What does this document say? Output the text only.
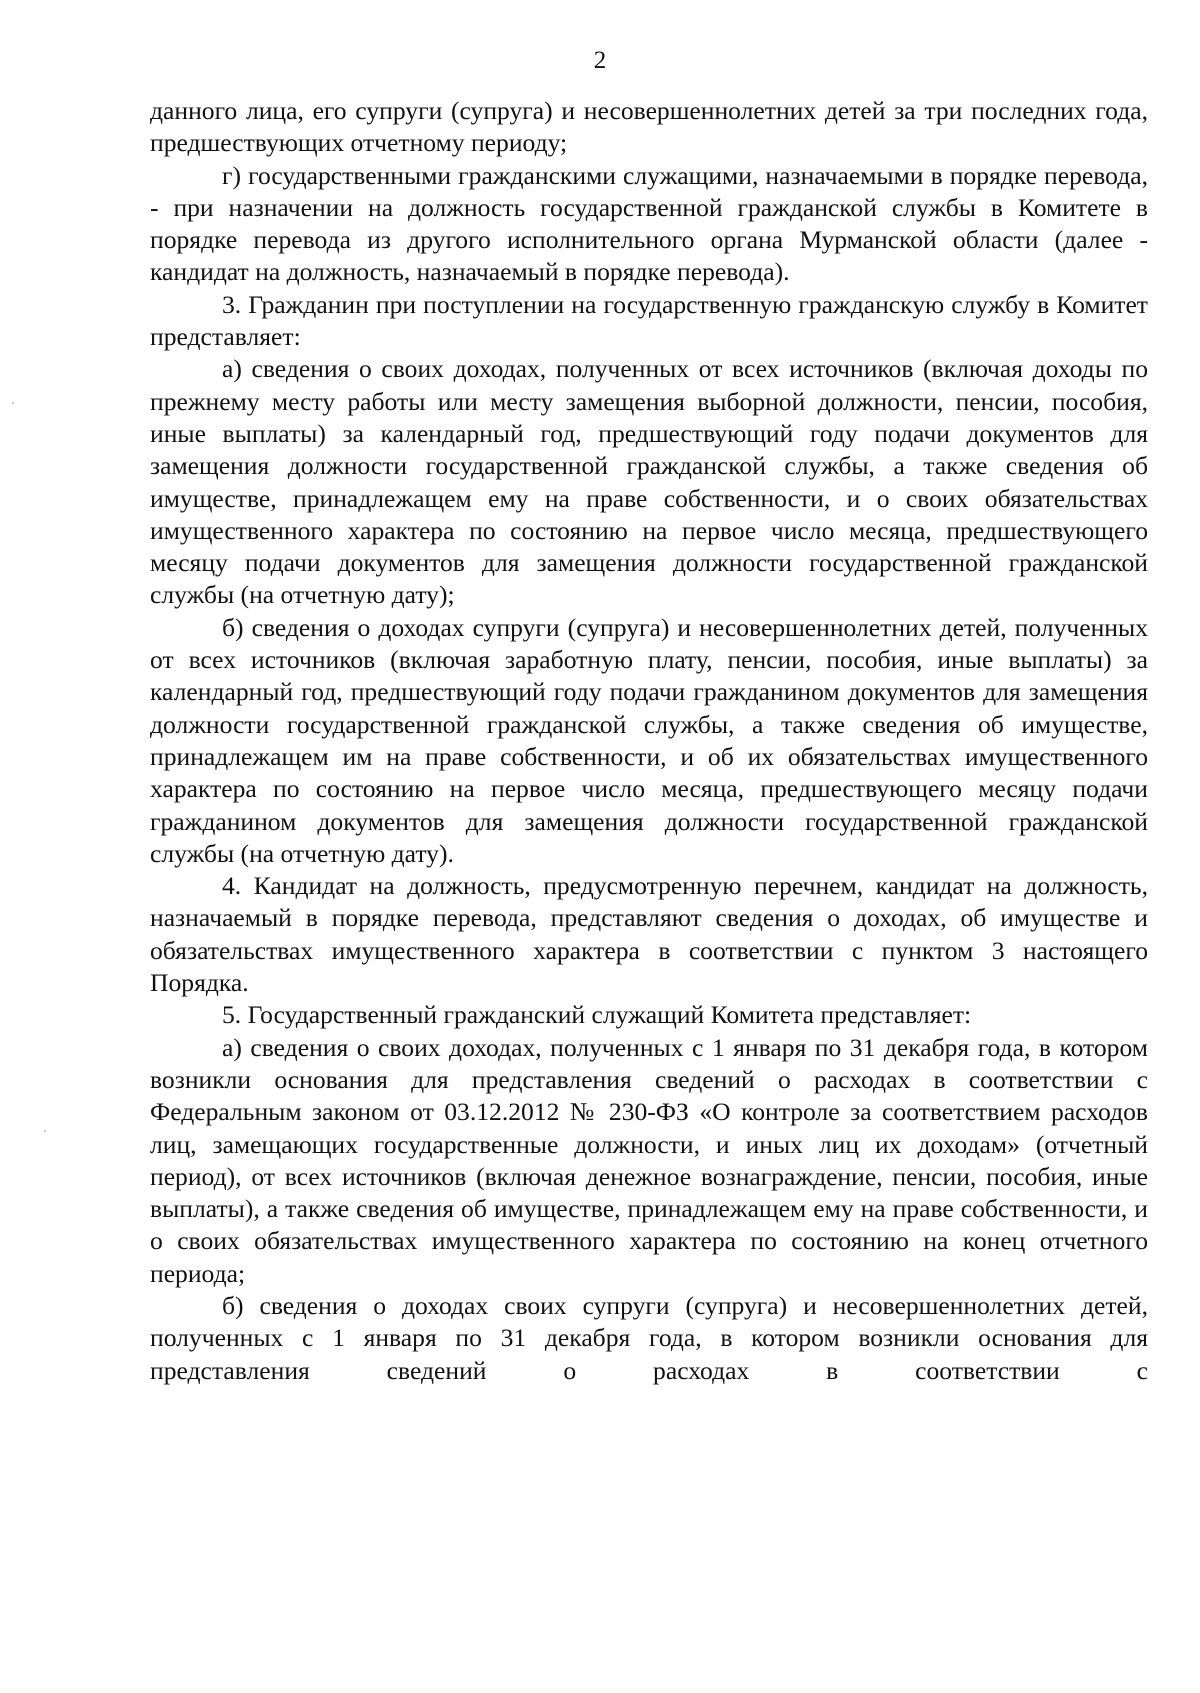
2

данного лица, его супруги (супруга) и несовершеннолетних детей за три последних года, предшествующих отчетному периоду;

г) государственными гражданскими служащими, назначаемыми в порядке перевода, - при назначении на должность государственной гражданской службы в Комитете в порядке перевода из другого исполнительного органа Мурманской области (далее - кандидат на должность, назначаемый в порядке перевода).

3. Гражданин при поступлении на государственную гражданскую службу в Комитет представляет:

а) сведения о своих доходах, полученных от всех источников (включая доходы по прежнему месту работы или месту замещения выборной должности, пенсии, пособия, иные выплаты) за календарный год, предшествующий году подачи документов для замещения должности государственной гражданской службы, а также сведения об имуществе, принадлежащем ему на праве собственности, и о своих обязательствах имущественного характера по состоянию на первое число месяца, предшествующего месяцу подачи документов для замещения должности государственной гражданской службы (на отчетную дату);

б) сведения о доходах супруги (супруга) и несовершеннолетних детей, полученных от всех источников (включая заработную плату, пенсии, пособия, иные выплаты) за календарный год, предшествующий году подачи гражданином документов для замещения должности государственной гражданской службы, а также сведения об имуществе, принадлежащем им на праве собственности, и об их обязательствах имущественного характера по состоянию на первое число месяца, предшествующего месяцу подачи гражданином документов для замещения должности государственной гражданской службы (на отчетную дату).

4. Кандидат на должность, предусмотренную перечнем, кандидат на должность, назначаемый в порядке перевода, представляют сведения о доходах, об имуществе и обязательствах имущественного характера в соответствии с пунктом 3 настоящего Порядка.

5. Государственный гражданский служащий Комитета представляет:

а) сведения о своих доходах, полученных с 1 января по 31 декабря года, в котором возникли основания для представления сведений о расходах в соответствии с Федеральным законом от 03.12.2012 № 230-ФЗ «О контроле за соответствием расходов лиц, замещающих государственные должности, и иных лиц их доходам» (отчетный период), от всех источников (включая денежное вознаграждение, пенсии, пособия, иные выплаты), а также сведения об имуществе, принадлежащем ему на праве собственности, и о своих обязательствах имущественного характера по состоянию на конец отчетного периода;

б) сведения о доходах своих супруги (супруга) и несовершеннолетних детей, полученных с 1 января по 31 декабря года, в котором возникли основания для представления сведений о расходах в соответствии с
